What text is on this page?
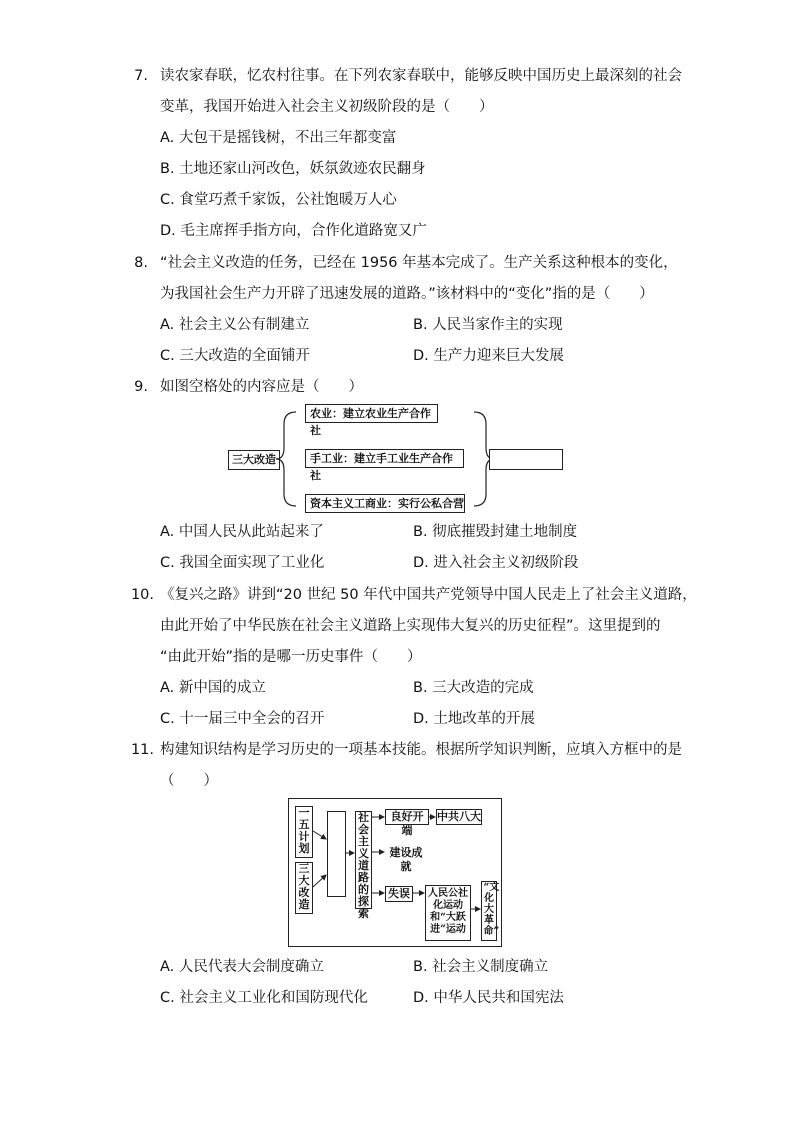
7. 读农家春联，忆农村往事。在下列农家春联中，能够反映中国历史上最深刻的社会
变革，我国开始进入社会主义初级阶段的是（　　）
A. 大包干是摇钱树，不出三年都变富
B. 土地还家山河改色，妖氛敛迹农民翻身
C. 食堂巧煮千家饭，公社饱暖万人心
D. 毛主席挥手指方向，合作化道路宽又广
8. “社会主义改造的任务，已经在 1956 年基本完成了。生产关系这种根本的变化，
为我国社会生产力开辟了迅速发展的道路。”该材料中的“变化”指的是（　　）
A. 社会主义公有制建立	B. 人民当家作主的实现
C. 三大改造的全面铺开	D. 生产力迎来巨大发展
9. 如图空格处的内容应是（　　）
三大改造
农业：建立农业生产合作社
手工业：建立手工业生产合作社
资本主义工商业：实行公私合营
A. 中国人民从此站起来了	B. 彻底摧毁封建土地制度
C. 我国全面实现了工业化	D. 进入社会主义初级阶段
10. 《复兴之路》讲到“20 世纪 50 年代中国共产党领导中国人民走上了社会主义道路，
由此开始了中华民族在社会主义道路上实现伟大复兴的历史征程”。这里提到的
“由此开始”指的是哪一历史事件（　　）
A. 新中国的成立	B. 三大改造的完成
C. 十一届三中全会的召开	D. 土地改革的开展
11. 构建知识结构是学习历史的一项基本技能。根据所学知识判断，应填入方框中的是
（　　）
一五计划
三大改造
社会主义道路的探索
良好开端
中共八大
建设成就
失误	人民公社化运动和“大跃进”运动
“文化大革命”
A. 人民代表大会制度确立	B. 社会主义制度确立
C. 社会主义工业化和国防现代化	D. 中华人民共和国宪法
